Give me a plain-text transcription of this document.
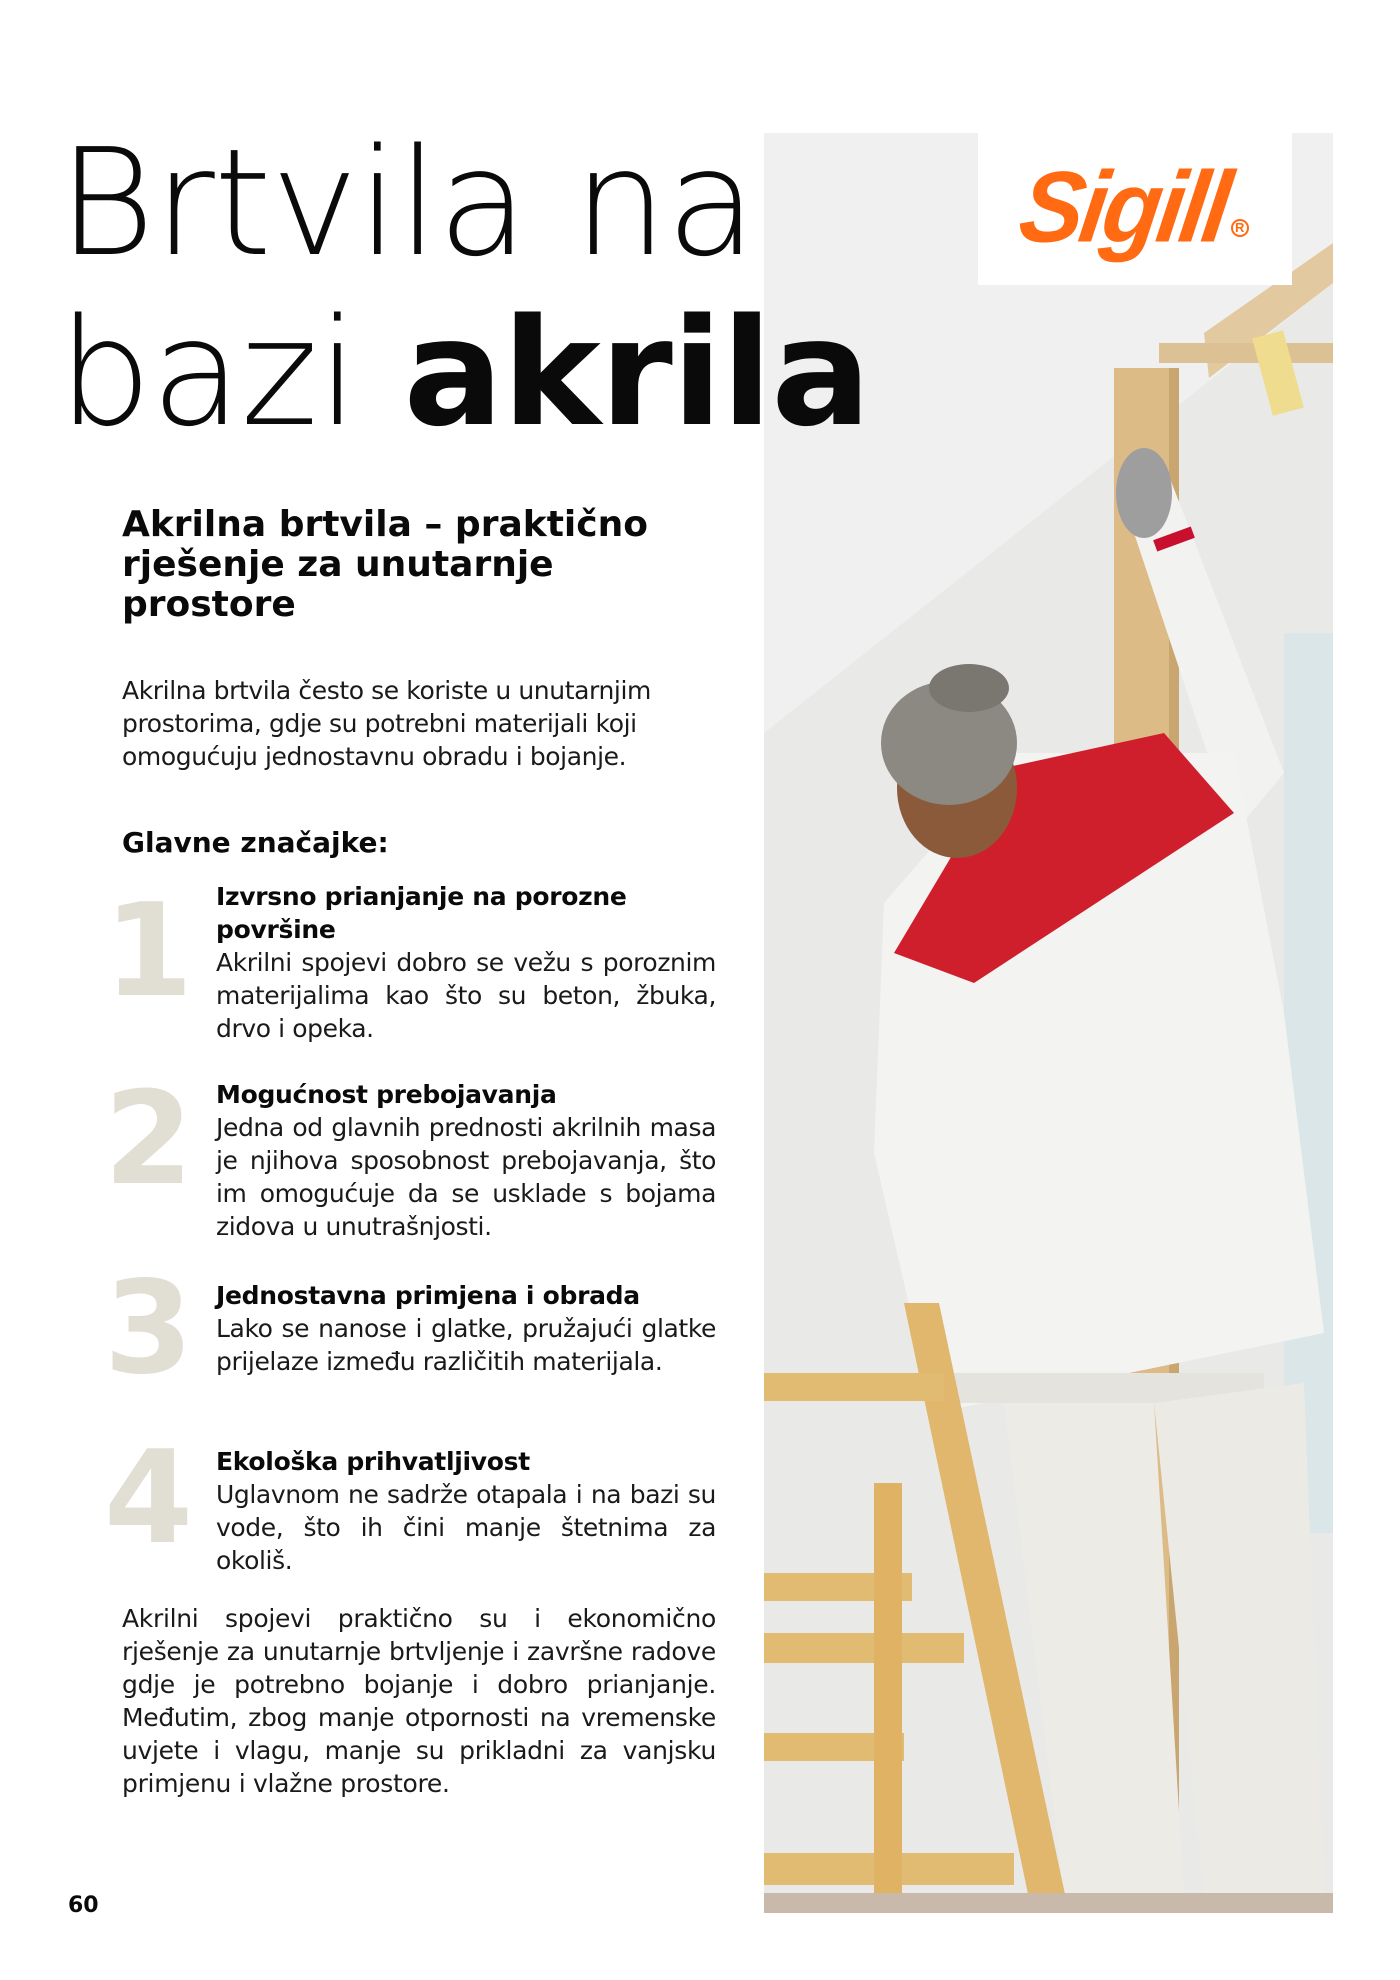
Brtvila na
bazi akrila
Sigill R
Akrilna brtvila – praktično rješenje za unutarnje prostore

Akrilna brtvila često se koriste u unutarnjim prostorima, gdje su potrebni materijali koji omogućuju jednostavnu obradu i bojanje.

Glavne značajke:
1 Izvrsno prianjanje na porozne površine

Akrilni spojevi dobro se vežu s poroznim materijalima kao što su beton, žbuka, drvo i opeka.

2 Mogućnost prebojavanja

Jedna od glavnih prednosti akrilnih masa je njihova sposobnost prebojavanja, što im omogućuje da se usklade s bojama zidova u unutrašnjosti.

3 Jednostavna primjena i obrada

Lako se nanose i glatke, pružajući glatke prijelaze između različitih materijala.

4 Ekološka prihvatljivost

Uglavnom ne sadrže otapala i na bazi su vode, što ih čini manje štetnima za okoliš.

Akrilni spojevi praktično su i ekonomično rješenje za unutarnje brtvljenje i završne radove gdje je potrebno bojanje i dobro prianjanje. Međutim, zbog manje otpornosti na vremenske uvjete i vlagu, manje su prikladni za vanjsku primjenu i vlažne prostore.

60
